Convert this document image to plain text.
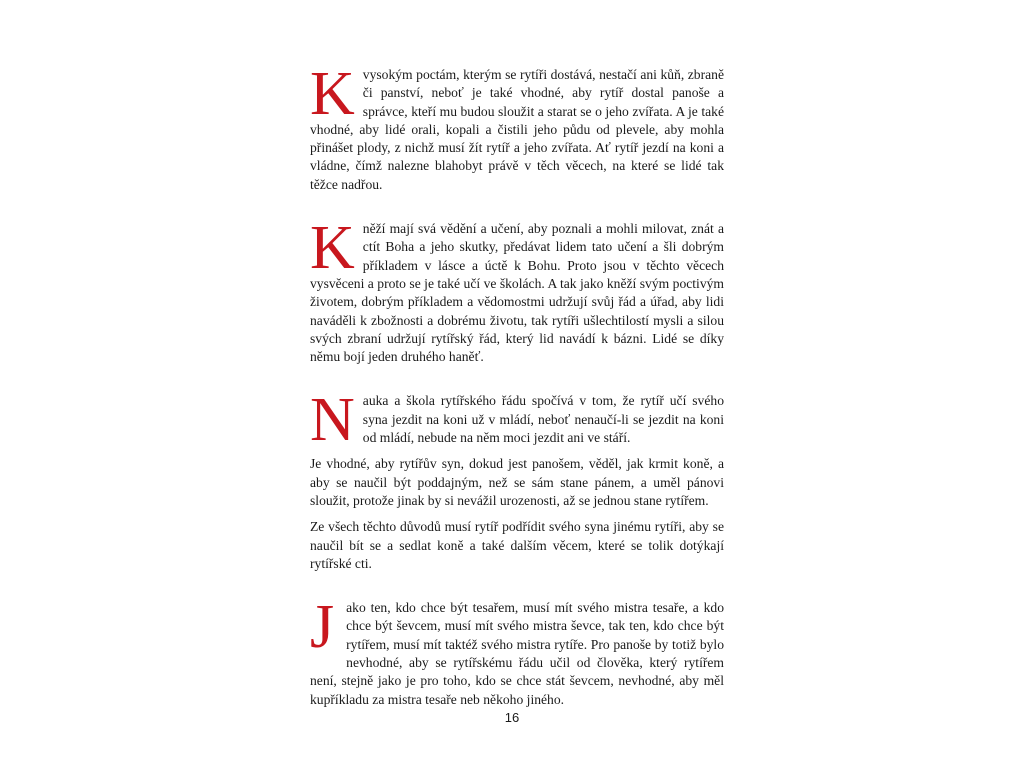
Kvysokým poctám, kterým se rytíři dostává, nestačí ani kůň, zbraně či panství, neboť je také vhodné, aby rytíř dostal panoše a správce, kteří mu budou sloužit a starat se o jeho zvířata. A je také vhodné, aby lidé orali, kopali a čistili jeho půdu od plevele, aby mohla přinášet plody, z nichž musí žít rytíř a jeho zvířata. Ať rytíř jezdí na koni a vládne, čímž nalezne blahobyt právě v těch věcech, na které se lidé tak těžce nadřou.

Kněží mají svá vědění a učení, aby poznali a mohli milovat, znát a ctít Boha a jeho skutky, předávat lidem tato učení a šli dobrým příkladem v lásce a úctě k Bohu. Proto jsou v těchto věcech vysvěceni a proto se je také učí ve školách. A tak jako kněží svým poctivým životem, dobrým příkladem a vědomostmi udržují svůj řád a úřad, aby lidi naváděli k zbožnosti a dobrému životu, tak rytíři ušlechtilostí mysli a silou svých zbraní udržují rytířský řád, který lid navádí k bázni. Lidé se díky němu bojí jeden druhého haněť.

Nauka a škola rytířského řádu spočívá v tom, že rytíř učí svého syna jezdit na koni už v mládí, neboť nenaučí-li se jezdit na koni od mládí, nebude na něm moci jezdit ani ve stáří.

Je vhodné, aby rytířův syn, dokud jest panošem, věděl, jak krmit koně, a aby se naučil být poddajným, než se sám stane pánem, a uměl pánovi sloužit, protože jinak by si nevážil urozenosti, až se jednou stane rytířem.

Ze všech těchto důvodů musí rytíř podřídit svého syna jinému rytíři, aby se naučil bít se a sedlat koně a také dalším věcem, které se tolik dotýkají rytířské cti.

Jako ten, kdo chce být tesařem, musí mít svého mistra tesaře, a kdo chce být ševcem, musí mít svého mistra ševce, tak ten, kdo chce být rytířem, musí mít taktéž svého mistra rytíře. Pro panoše by totiž bylo nevhodné, aby se rytířskému řádu učil od člověka, který rytířem není, stejně jako je pro toho, kdo se chce stát ševcem, nevhodné, aby měl kupříkladu za mistra tesaře neb někoho jiného.

16
